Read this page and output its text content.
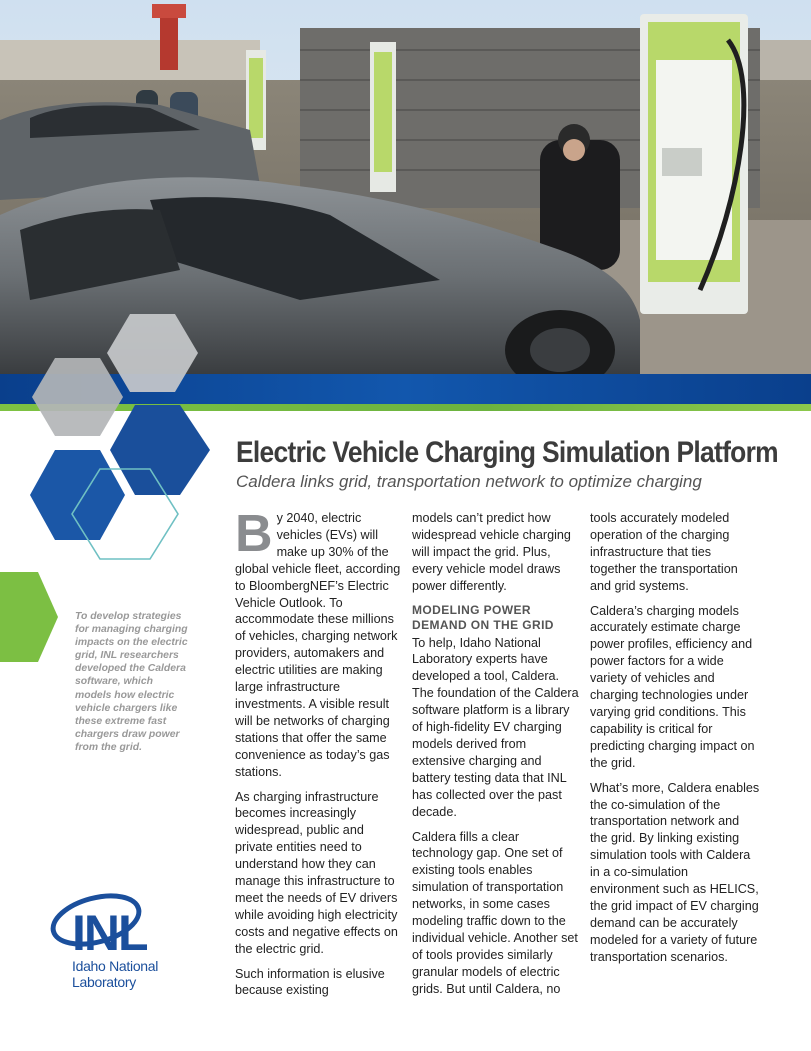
Electric Vehicle Charging Simulation Platform
Caldera links grid, transportation network to optimize charging
To develop strategies for managing charging impacts on the electric grid, INL researchers developed the Caldera software, which models how electric vehicle chargers like these extreme fast chargers draw power from the grid.

By 2040, electric vehicles (EVs) will make up 30% of the global vehicle fleet, according to BloombergNEF’s Electric Vehicle Outlook. To accommodate these millions of vehicles, charging network providers, automakers and electric utilities are making large infrastructure investments. A visible result will be networks of charging stations that offer the same convenience as today’s gas stations.

As charging infrastructure becomes increasingly widespread, public and private entities need to understand how they can manage this infrastructure to meet the needs of EV drivers while avoiding high electricity costs and negative effects on the electric grid.

Such information is elusive because existing

models can’t predict how widespread vehicle charging will impact the grid. Plus, every vehicle model draws power differently.

MODELING POWER DEMAND ON THE GRID

To help, Idaho National Laboratory experts have developed a tool, Caldera. The foundation of the Caldera software platform is a library of high-fidelity EV charging models derived from extensive charging and battery testing data that INL has collected over the past decade.

Caldera fills a clear technology gap. One set of existing tools enables simulation of transportation networks, in some cases modeling traffic down to the individual vehicle. Another set of tools provides similarly granular models of electric grids. But until Caldera, no

tools accurately modeled operation of the charging infrastructure that ties together the transportation and grid systems.

Caldera’s charging models accurately estimate charge power profiles, efficiency and power factors for a wide variety of vehicles and charging technologies under varying grid conditions. This capability is critical for predicting charging impact on the grid.

What’s more, Caldera enables the co-simulation of the transportation network and the grid. By linking existing simulation tools with Caldera in a co-simulation environment such as HELICS, the grid impact of EV charging demand can be accurately modeled for a variety of future transportation scenarios.

INL
Idaho National
Laboratory
